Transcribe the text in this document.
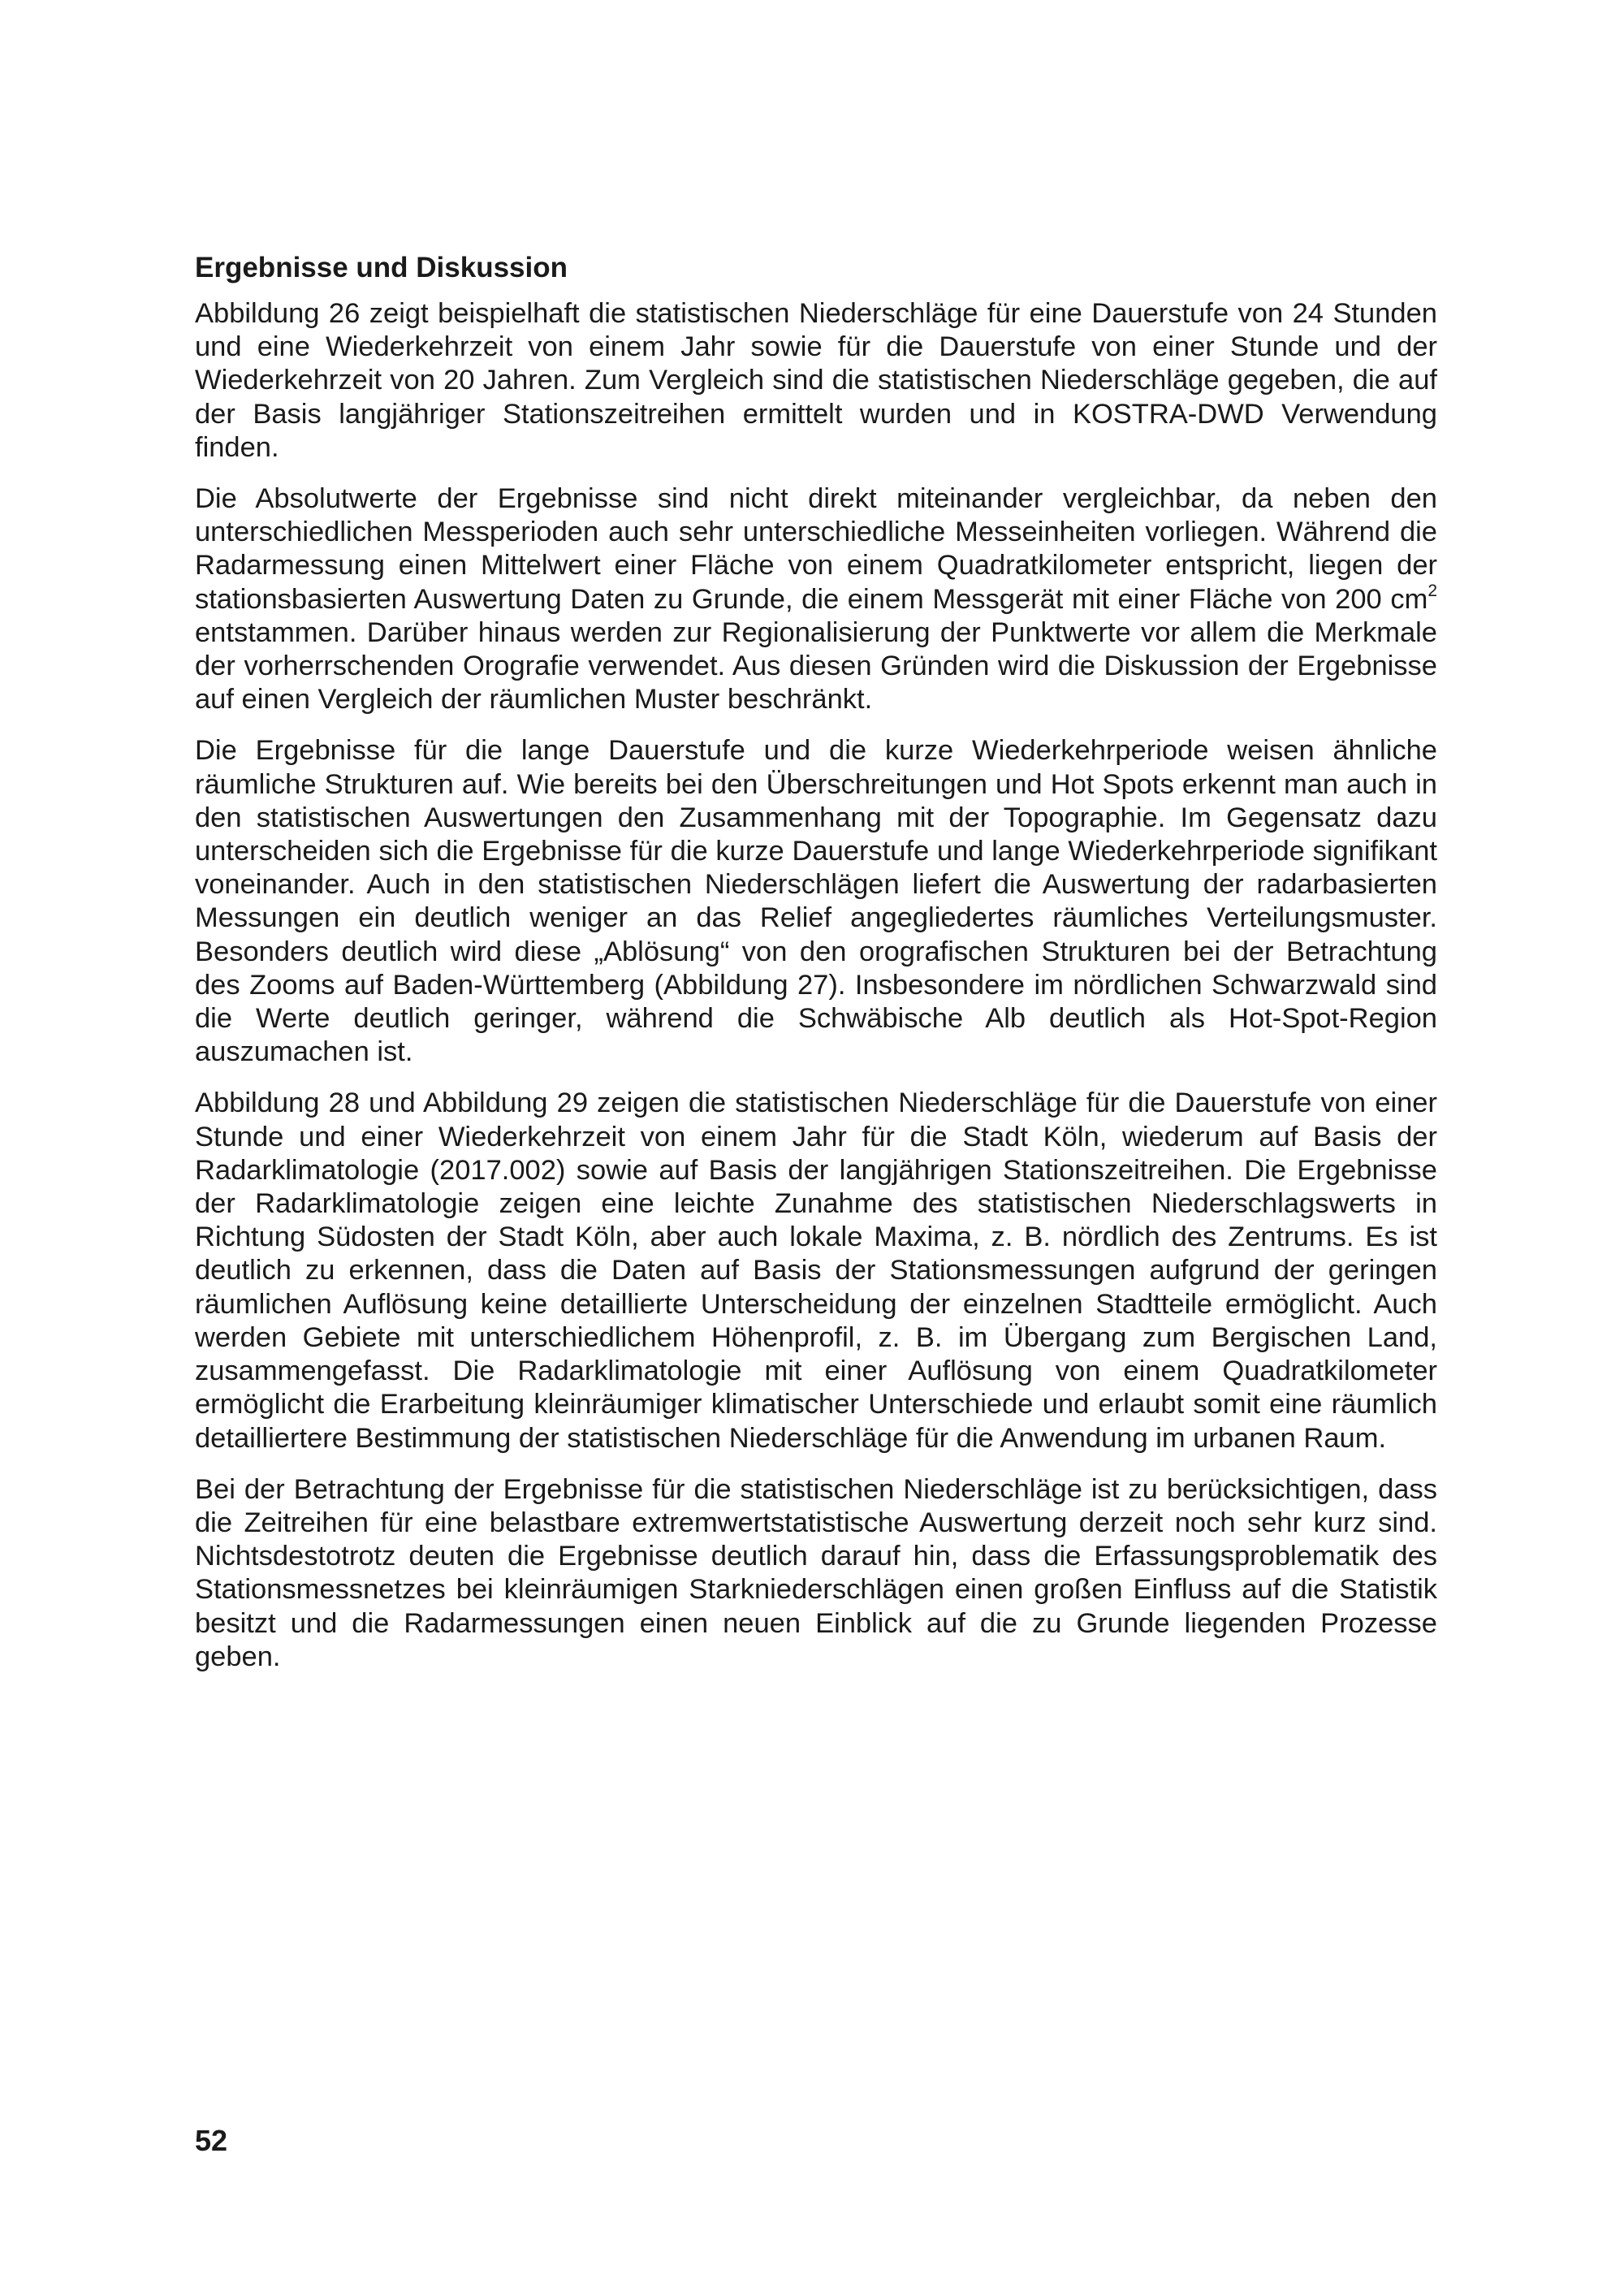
Ergebnisse und Diskussion

Abbildung 26 zeigt beispielhaft die statistischen Niederschläge für eine Dauerstufe von 24 Stunden und eine Wiederkehrzeit von einem Jahr sowie für die Dauerstufe von einer Stunde und der Wiederkehrzeit von 20 Jahren. Zum Vergleich sind die statistischen Niederschläge gegeben, die auf der Basis langjähriger Stationszeitreihen ermittelt wurden und in KOSTRA-DWD Verwendung finden.

Die Absolutwerte der Ergebnisse sind nicht direkt miteinander vergleichbar, da neben den unterschiedlichen Messperioden auch sehr unterschiedliche Messeinheiten vorliegen. Während die Radarmessung einen Mittelwert einer Fläche von einem Quadratkilometer entspricht, liegen der stationsbasierten Auswertung Daten zu Grunde, die einem Messgerät mit einer Fläche von 200 $cm^2$ entstammen. Darüber hinaus werden zur Regionalisierung der Punktwerte vor allem die Merkmale der vorherrschenden Orografie verwendet. Aus diesen Gründen wird die Diskussion der Ergebnisse auf einen Vergleich der räumlichen Muster beschränkt.

Die Ergebnisse für die lange Dauerstufe und die kurze Wiederkehrperiode weisen ähnliche räumliche Strukturen auf. Wie bereits bei den Überschreitungen und Hot Spots erkennt man auch in den statistischen Auswertungen den Zusammenhang mit der Topographie. Im Gegensatz dazu unterscheiden sich die Ergebnisse für die kurze Dauerstufe und lange Wiederkehrperiode signifikant voneinander. Auch in den statistischen Niederschlägen liefert die Auswertung der radarbasierten Messungen ein deutlich weniger an das Relief angegliedertes räumliches Verteilungsmuster. Besonders deutlich wird diese „Ablösung“ von den orografischen Strukturen bei der Betrachtung des Zooms auf Baden-Württemberg (Abbildung 27). Insbesondere im nördlichen Schwarzwald sind die Werte deutlich geringer, während die Schwäbische Alb deutlich als Hot-Spot-Region auszumachen ist.

Abbildung 28 und Abbildung 29 zeigen die statistischen Niederschläge für die Dauerstufe von einer Stunde und einer Wiederkehrzeit von einem Jahr für die Stadt Köln, wiederum auf Basis der Radarklimatologie (2017.002) sowie auf Basis der langjährigen Stationszeitreihen. Die Ergebnisse der Radarklimatologie zeigen eine leichte Zunahme des statistischen Niederschlagswerts in Richtung Südosten der Stadt Köln, aber auch lokale Maxima, z. B. nördlich des Zentrums. Es ist deutlich zu erkennen, dass die Daten auf Basis der Stationsmessungen aufgrund der geringen räumlichen Auflösung keine detaillierte Unterscheidung der einzelnen Stadtteile ermöglicht. Auch werden Gebiete mit unterschiedlichem Höhenprofil, z. B. im Übergang zum Bergischen Land, zusammengefasst. Die Radarklimatologie mit einer Auflösung von einem Quadratkilometer ermöglicht die Erarbeitung kleinräumiger klimatischer Unterschiede und erlaubt somit eine räumlich detailliertere Bestimmung der statistischen Niederschläge für die Anwendung im urbanen Raum.

Bei der Betrachtung der Ergebnisse für die statistischen Niederschläge ist zu berücksichtigen, dass die Zeitreihen für eine belastbare extremwertstatistische Auswertung derzeit noch sehr kurz sind. Nichtsdestotrotz deuten die Ergebnisse deutlich darauf hin, dass die Erfassungsproblematik des Stationsmessnetzes bei kleinräumigen Starkniederschlägen einen großen Einfluss auf die Statistik besitzt und die Radarmessungen einen neuen Einblick auf die zu Grunde liegenden Prozesse geben.

52
